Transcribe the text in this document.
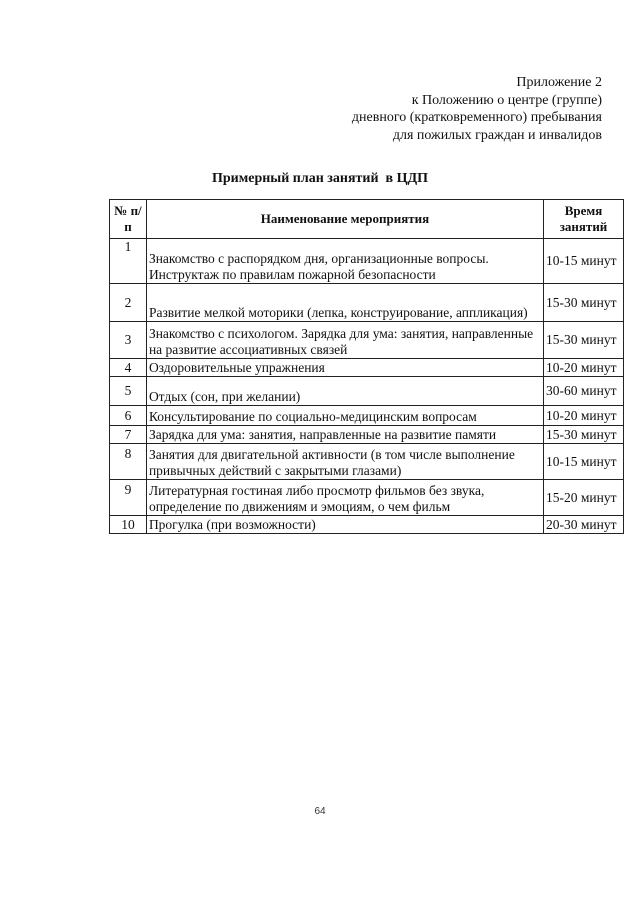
Приложение 2
к Положению о центре (группе)
дневного (кратковременного) пребывания
для пожилых граждан и инвалидов
Примерный план занятий  в ЦДП
№ п/п	Наименование мероприятия	Время занятий
1	Знакомство с распорядком дня, организационные вопросы. Инструктаж по правилам пожарной безопасности	10-15 минут
2	Развитие мелкой моторики (лепка, конструирование, аппликация)	15-30 минут
3	Знакомство с психологом. Зарядка для ума: занятия, направленные на развитие ассоциативных связей	15-30 минут
4	Оздоровительные упражнения	10-20 минут
5	Отдых (сон, при желании)	30-60 минут
6	Консультирование по социально-медицинским вопросам	10-20 минут
7	Зарядка для ума: занятия, направленные на развитие памяти	15-30 минут
8	Занятия для двигательной активности (в том числе выполнение привычных действий с закрытыми глазами)	10-15 минут
9	Литературная гостиная либо просмотр фильмов без звука, определение по движениям и эмоциям, о чем фильм	15-20 минут
10	Прогулка (при возможности)	20-30 минут
64
